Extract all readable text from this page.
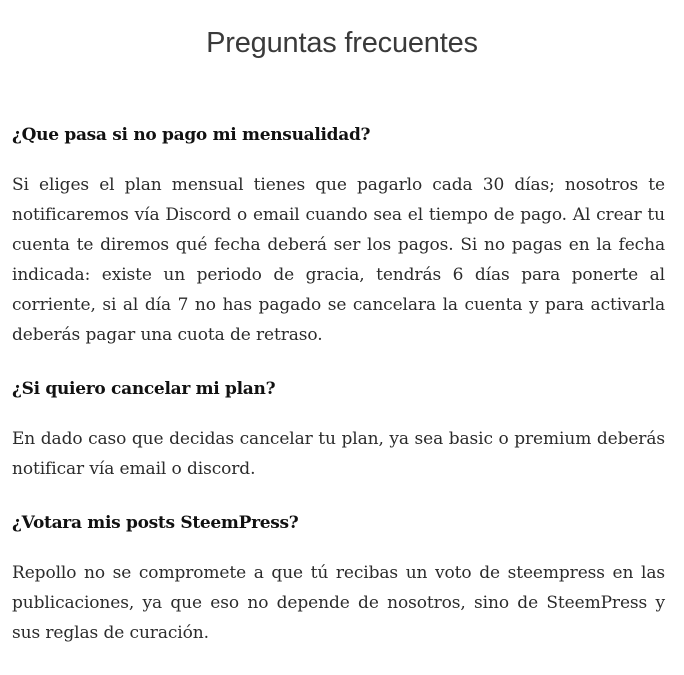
Preguntas frecuentes
¿Que pasa si no pago mi mensualidad?

Si eliges el plan mensual tienes que pagarlo cada 30 días; nosotros te notificaremos vía Discord o email cuando sea el tiempo de pago. Al crear tu cuenta te diremos qué fecha deberá ser los pagos. Si no pagas en la fecha indicada: existe un periodo de gracia, tendrás 6 días para ponerte al corriente, si al día 7 no has pagado se cancelara la cuenta y para activarla deberás pagar una cuota de retraso.

¿Si quiero cancelar mi plan?

En dado caso que decidas cancelar tu plan, ya sea basic o premium deberás notificar vía email o discord.

¿Votara mis posts SteemPress?

Repollo no se compromete a que tú recibas un voto de steempress en las publicaciones, ya que eso no depende de nosotros, sino de SteemPress y sus reglas de curación.
